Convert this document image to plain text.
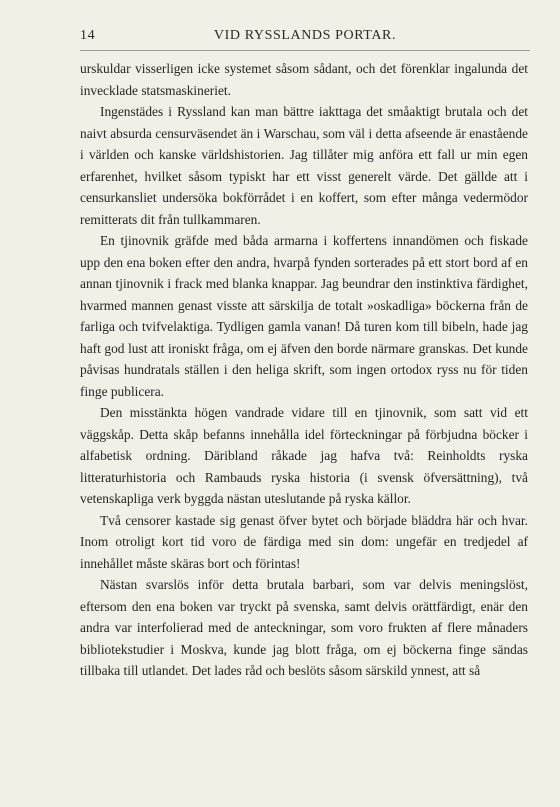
14	VID RYSSLANDS PORTAR.

urskuldar visserligen icke systemet såsom sådant, och det förenklar ingalunda det invecklade statsmaskineriet.

Ingenstädes i Ryssland kan man bättre iakttaga det småaktigt brutala och det naivt absurda censurväsendet än i Warschau, som väl i detta afseende är enastående i världen och kanske världshistorien. Jag tillåter mig anföra ett fall ur min egen erfarenhet, hvilket såsom typiskt har ett visst generelt värde. Det gällde att i censurkansliet undersöka bokförrådet i en koffert, som efter många vedermödor remitterats dit från tullkammaren.

En tjinovnik gräfde med båda armarna i koffertens innandömen och fiskade upp den ena boken efter den andra, hvarpå fynden sorterades på ett stort bord af en annan tjinovnik i frack med blanka knappar. Jag beundrar den instinktiva färdighet, hvarmed mannen genast visste att särskilja de totalt »oskadliga» böckerna från de farliga och tvifvelaktiga. Tydligen gamla vanan! Då turen kom till bibeln, hade jag haft god lust att ironiskt fråga, om ej äfven den borde närmare granskas. Det kunde påvisas hundratals ställen i den heliga skrift, som ingen ortodox ryss nu för tiden finge publicera.

Den misstänkta högen vandrade vidare till en tjinovnik, som satt vid ett väggskåp. Detta skåp befanns innehålla idel förteckningar på förbjudna böcker i alfabetisk ordning. Däribland råkade jag hafva två: Reinholdts ryska litteraturhistoria och Rambauds ryska historia (i svensk öfversättning), två vetenskapliga verk byggda nästan uteslutande på ryska källor.

Två censorer kastade sig genast öfver bytet och började bläddra här och hvar. Inom otroligt kort tid voro de färdiga med sin dom: ungefär en tredjedel af innehållet måste skäras bort och förintas!

Nästan svarslös inför detta brutala barbari, som var delvis meningslöst, eftersom den ena boken var tryckt på svenska, samt delvis orättfärdigt, enär den andra var interfolierad med de anteckningar, som voro frukten af flere månaders bibliotekstudier i Moskva, kunde jag blott fråga, om ej böckerna finge sändas tillbaka till utlandet. Det lades råd och beslöts såsom särskild ynnest, att så
